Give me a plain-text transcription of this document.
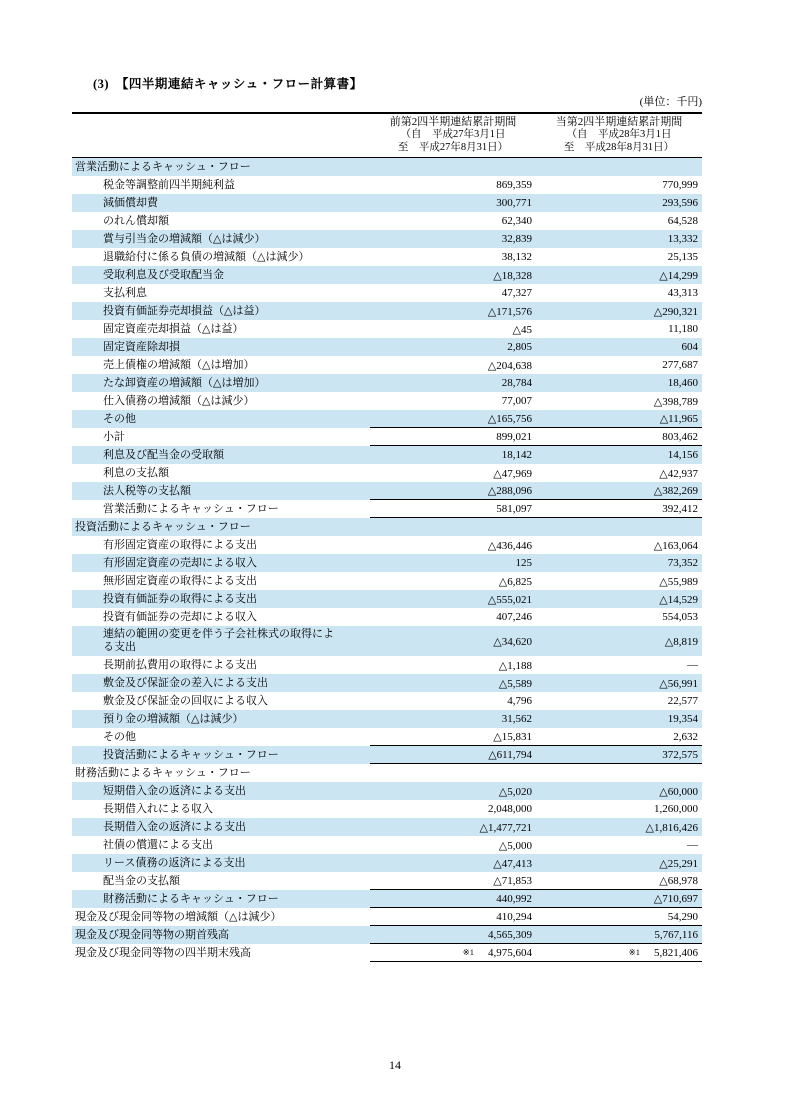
(3)　【四半期連結キャッシュ・フロー計算書】
(単位：千円)
前第2四半期連結累計期間
（自　平成27年3月1日
至　平成27年8月31日）
当第2四半期連結累計期間
（自　平成28年3月1日
至　平成28年8月31日）
営業活動によるキャッシュ・フロー
税金等調整前四半期純利益	869,359	770,999
減価償却費	300,771	293,596
のれん償却額	62,340	64,528
賞与引当金の増減額（△は減少）	32,839	13,332
退職給付に係る負債の増減額（△は減少）	38,132	25,135
受取利息及び受取配当金	△18,328	△14,299
支払利息	47,327	43,313
投資有価証券売却損益（△は益）	△171,576	△290,321
固定資産売却損益（△は益）	△45	11,180
固定資産除却損	2,805	604
売上債権の増減額（△は増加）	△204,638	277,687
たな卸資産の増減額（△は増加）	28,784	18,460
仕入債務の増減額（△は減少）	77,007	△398,789
その他	△165,756	△11,965
小計	899,021	803,462
利息及び配当金の受取額	18,142	14,156
利息の支払額	△47,969	△42,937
法人税等の支払額	△288,096	△382,269
営業活動によるキャッシュ・フロー	581,097	392,412
投資活動によるキャッシュ・フロー
有形固定資産の取得による支出	△436,446	△163,064
有形固定資産の売却による収入	125	73,352
無形固定資産の取得による支出	△6,825	△55,989
投資有価証券の取得による支出	△555,021	△14,529
投資有価証券の売却による収入	407,246	554,053
連結の範囲の変更を伴う子会社株式の取得による支出	△34,620	△8,819
長期前払費用の取得による支出	△1,188	―
敷金及び保証金の差入による支出	△5,589	△56,991
敷金及び保証金の回収による収入	4,796	22,577
預り金の増減額（△は減少）	31,562	19,354
その他	△15,831	2,632
投資活動によるキャッシュ・フロー	△611,794	372,575
財務活動によるキャッシュ・フロー
短期借入金の返済による支出	△5,020	△60,000
長期借入れによる収入	2,048,000	1,260,000
長期借入金の返済による支出	△1,477,721	△1,816,426
社債の償還による支出	△5,000	―
リース債務の返済による支出	△47,413	△25,291
配当金の支払額	△71,853	△68,978
財務活動によるキャッシュ・フロー	440,992	△710,697
現金及び現金同等物の増減額（△は減少）	410,294	54,290
現金及び現金同等物の期首残高	4,565,309	5,767,116
現金及び現金同等物の四半期末残高	※1 4,975,604	※1 5,821,406
14
